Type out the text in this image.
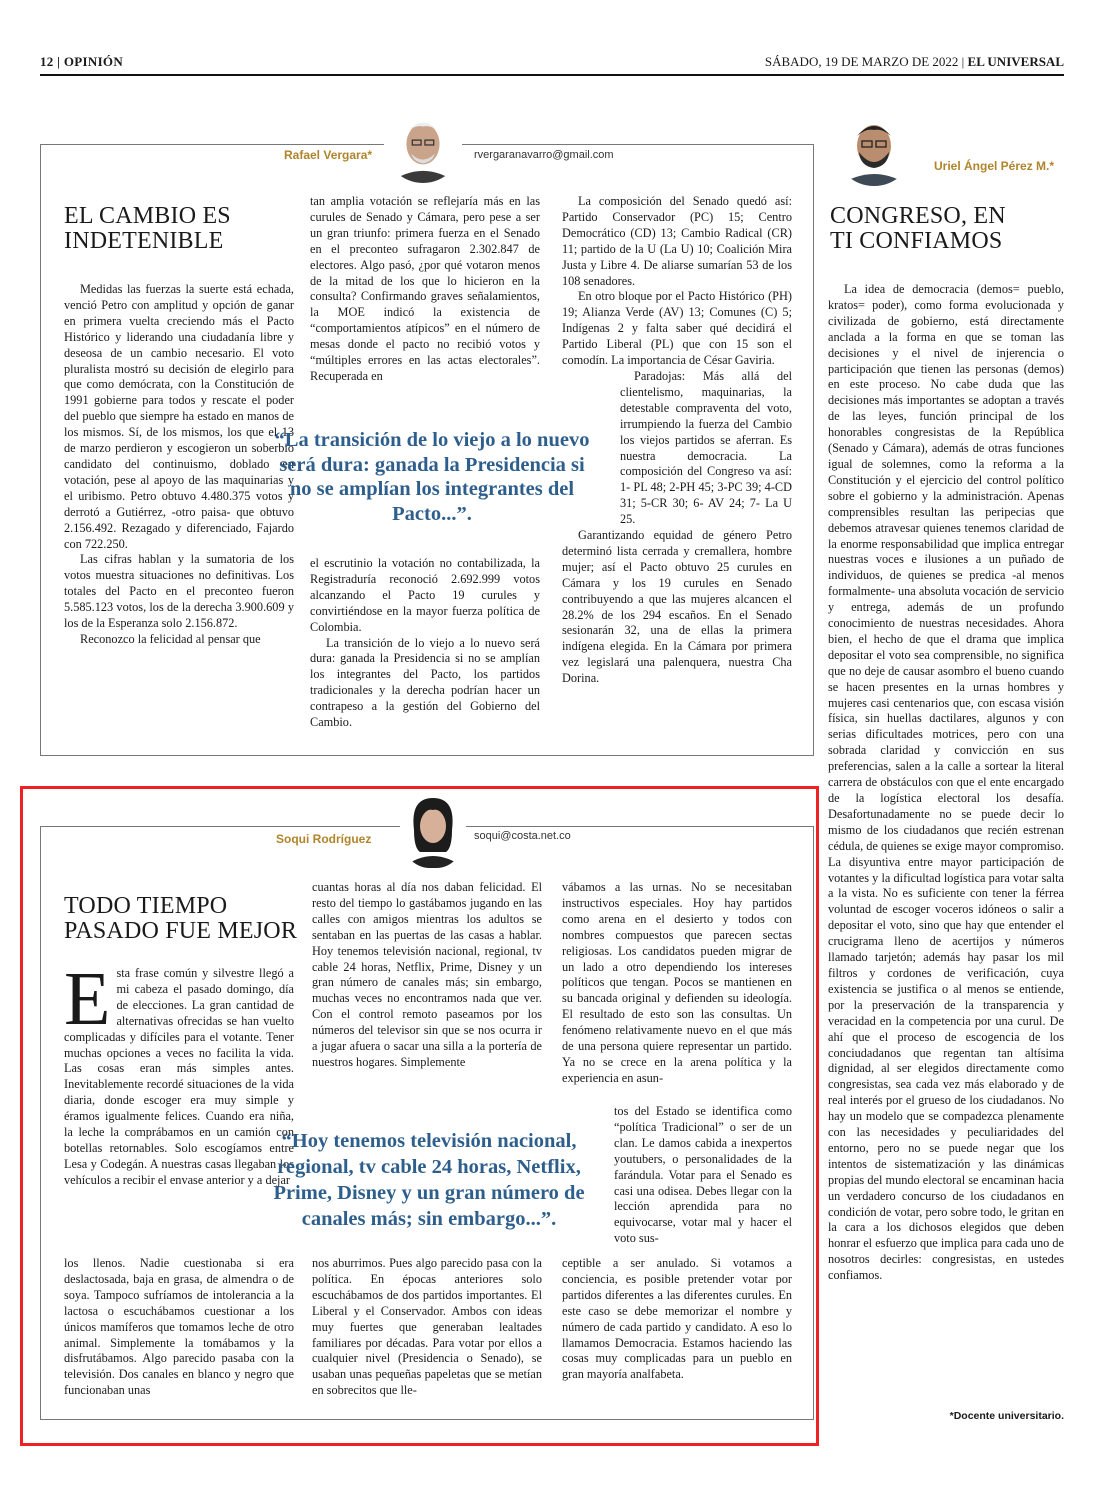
12 | OPINIÓN	SÁBADO, 19 DE MARZO DE 2022 | EL UNIVERSAL
Rafael Vergara*	rvergaranavarro@gmail.com
EL CAMBIO ES
INDETENIBLE

Medidas las fuerzas la suerte está echada, venció Petro con amplitud y opción de ganar en primera vuelta creciendo más el Pacto Histórico y liderando una ciudadanía libre y deseosa de un cambio necesario. El voto pluralista mostró su decisión de elegirlo para que como demócrata, con la Constitución de 1991 gobierne para todos y rescate el poder del pueblo que siempre ha estado en manos de los mismos. Sí, de los mismos, los que el 13 de marzo perdieron y escogieron un soberbio candidato del continuismo, doblado en votación, pese al apoyo de las maquinarias y el uribismo. Petro obtuvo 4.480.375 votos y derrotó a Gutiérrez, -otro paisa- que obtuvo 2.156.492. Rezagado y diferenciado, Fajardo con 722.250.

Las cifras hablan y la sumatoria de los votos muestra situaciones no definitivas. Los totales del Pacto en el preconteo fueron 5.585.123 votos, los de la derecha 3.900.609 y los de la Esperanza solo 2.156.872.

Reconozco la felicidad al pensar que

tan amplia votación se reflejaría más en las curules de Senado y Cámara, pero pese a ser un gran triunfo: primera fuerza en el Senado en el preconteo sufragaron 2.302.847 de electores. Algo pasó, ¿por qué votaron menos de la mitad de los que lo hicieron en la consulta? Confirmando graves señalamientos, la MOE indicó la existencia de “comportamientos atípicos” en el número de mesas donde el pacto no recibió votos y “múltiples errores en las actas electorales”. Recuperada en

“La transición de lo viejo a lo nuevo será dura: ganada la Presidencia si no se amplían los integrantes del Pacto...”.

el escrutinio la votación no contabilizada, la Registraduría reconoció 2.692.999 votos alcanzando el Pacto 19 curules y convirtiéndose en la mayor fuerza política de Colombia.

La transición de lo viejo a lo nuevo será dura: ganada la Presidencia si no se amplían los integrantes del Pacto, los partidos tradicionales y la derecha podrían hacer un contrapeso a la gestión del Gobierno del Cambio.

La composición del Senado quedó así: Partido Conservador (PC) 15; Centro Democrático (CD) 13; Cambio Radical (CR) 11; partido de la U (La U) 10; Coalición Mira Justa y Libre 4. De aliarse sumarían 53 de los 108 senadores.

En otro bloque por el Pacto Histórico (PH) 19; Alianza Verde (AV) 13; Comunes (C) 5; Indígenas 2 y falta saber qué decidirá el Partido Liberal (PL) que con 15 son el comodín. La importancia de César Gaviria.

Paradojas: Más allá del clientelismo, maquinarias, la detestable compraventa del voto, irrumpiendo la fuerza del Cambio los viejos partidos se aferran. Es nuestra democracia. La composición del Congreso va así: 1- PL 48; 2-PH 45; 3-PC 39; 4-CD 31; 5-CR 30; 6- AV 24; 7- La U 25.

Garantizando equidad de género Petro determinó lista cerrada y cremallera, hombre mujer; así el Pacto obtuvo 25 curules en Cámara y los 19 curules en Senado contribuyendo a que las mujeres alcancen el 28.2% de los 294 escaños. En el Senado sesionarán 32, una de ellas la primera indígena elegida. En la Cámara por primera vez legislará una palenquera, nuestra Cha Dorina.

Soqui Rodríguez	soqui@costa.net.co
TODO TIEMPO
PASADO FUE MEJOR
E sta frase común y silvestre llegó a mi cabeza el pasado domingo, día de elecciones. La gran cantidad de alternativas ofrecidas se han vuelto complicadas y difíciles para el votante. Tener muchas opciones a veces no facilita la vida. Las cosas eran más simples antes. Inevitablemente recordé situaciones de la vida diaria, donde escoger era muy simple y éramos igualmente felices. Cuando era niña, la leche la comprábamos en un camión con botellas retornables. Solo escogíamos entre Lesa y Codegán. A nuestras casas llegaban los vehículos a recibir el envase anterior y a dejar

los llenos. Nadie cuestionaba si era deslactosada, baja en grasa, de almendra o de soya. Tampoco sufríamos de intolerancia a la lactosa o escuchábamos cuestionar a los únicos mamíferos que tomamos leche de otro animal. Simplemente la tomábamos y la disfrutábamos. Algo parecido pasaba con la televisión. Dos canales en blanco y negro que funcionaban unas

cuantas horas al día nos daban felicidad. El resto del tiempo lo gastábamos jugando en las calles con amigos mientras los adultos se sentaban en las puertas de las casas a hablar. Hoy tenemos televisión nacional, regional, tv cable 24 horas, Netflix, Prime, Disney y un gran número de canales más; sin embargo, muchas veces no encontramos nada que ver. Con el control remoto paseamos por los números del televisor sin que se nos ocurra ir a jugar afuera o sacar una silla a la portería de nuestros hogares. Simplemente

“Hoy tenemos televisión nacional, regional, tv cable 24 horas, Netflix, Prime, Disney y un gran número de canales más; sin embargo...”.

nos aburrimos. Pues algo parecido pasa con la política. En épocas anteriores solo escuchábamos de dos partidos importantes. El Liberal y el Conservador. Ambos con ideas muy fuertes que generaban lealtades familiares por décadas. Para votar por ellos a cualquier nivel (Presidencia o Senado), se usaban unas pequeñas papeletas que se metían en sobrecitos que lle-

vábamos a las urnas. No se necesitaban instructivos especiales. Hoy hay partidos como arena en el desierto y todos con nombres compuestos que parecen sectas religiosas. Los candidatos pueden migrar de un lado a otro dependiendo los intereses políticos que tengan. Pocos se mantienen en su bancada original y defienden su ideología. El resultado de esto son las consultas. Un fenómeno relativamente nuevo en el que más de una persona quiere representar un partido. Ya no se crece en la arena política y la experiencia en asun-

tos del Estado se identifica como “política Tradicional” o ser de un clan. Le damos cabida a inexpertos youtubers, o personalidades de la farándula. Votar para el Senado es casi una odisea. Debes llegar con la lección aprendida para no equivocarse, votar mal y hacer el voto sus-

ceptible a ser anulado. Si votamos a conciencia, es posible pretender votar por partidos diferentes a las diferentes curules. En este caso se debe memorizar el nombre y número de cada partido y candidato. A eso lo llamamos Democracia. Estamos haciendo las cosas muy complicadas para un pueblo en gran mayoría analfabeta.

Uriel Ángel Pérez M.*
CONGRESO, EN
TI CONFIAMOS

La idea de democracia (demos= pueblo, kratos= poder), como forma evolucionada y civilizada de gobierno, está directamente anclada a la forma en que se toman las decisiones y el nivel de injerencia o participación que tienen las personas (demos) en este proceso. No cabe duda que las decisiones más importantes se adoptan a través de las leyes, función principal de los honorables congresistas de la República (Senado y Cámara), además de otras funciones igual de solemnes, como la reforma a la Constitución y el ejercicio del control político sobre el gobierno y la administración. Apenas comprensibles resultan las peripecias que debemos atravesar quienes tenemos claridad de la enorme responsabilidad que implica entregar nuestras voces e ilusiones a un puñado de individuos, de quienes se predica -al menos formalmente- una absoluta vocación de servicio y entrega, además de un profundo conocimiento de nuestras necesidades. Ahora bien, el hecho de que el drama que implica depositar el voto sea comprensible, no significa que no deje de causar asombro el bueno cuando se hacen presentes en la urnas hombres y mujeres casi centenarios que, con escasa visión física, sin huellas dactilares, algunos y con serias dificultades motrices, pero con una sobrada claridad y convicción en sus preferencias, salen a la calle a sortear la literal carrera de obstáculos con que el ente encargado de la logística electoral los desafía. Desafortunadamente no se puede decir lo mismo de los ciudadanos que recién estrenan cédula, de quienes se exige mayor compromiso. La disyuntiva entre mayor participación de votantes y la dificultad logística para votar salta a la vista. No es suficiente con tener la férrea voluntad de escoger voceros idóneos o salir a depositar el voto, sino que hay que entender el crucigrama lleno de acertijos y números llamado tarjetón; además hay pasar los mil filtros y cordones de verificación, cuya existencia se justifica o al menos se entiende, por la preservación de la transparencia y veracidad en la competencia por una curul. De ahí que el proceso de escogencia de los conciudadanos que regentan tan altísima dignidad, al ser elegidos directamente como congresistas, sea cada vez más elaborado y de real interés por el grueso de los ciudadanos. No hay un modelo que se compadezca plenamente con las necesidades y peculiaridades del entorno, pero no se puede negar que los intentos de sistematización y las dinámicas propias del mundo electoral se encaminan hacia un verdadero concurso de los ciudadanos en condición de votar, pero sobre todo, le gritan en la cara a los dichosos elegidos que deben honrar el esfuerzo que implica para cada uno de nosotros decirles: congresistas, en ustedes confiamos.

*Docente universitario.
